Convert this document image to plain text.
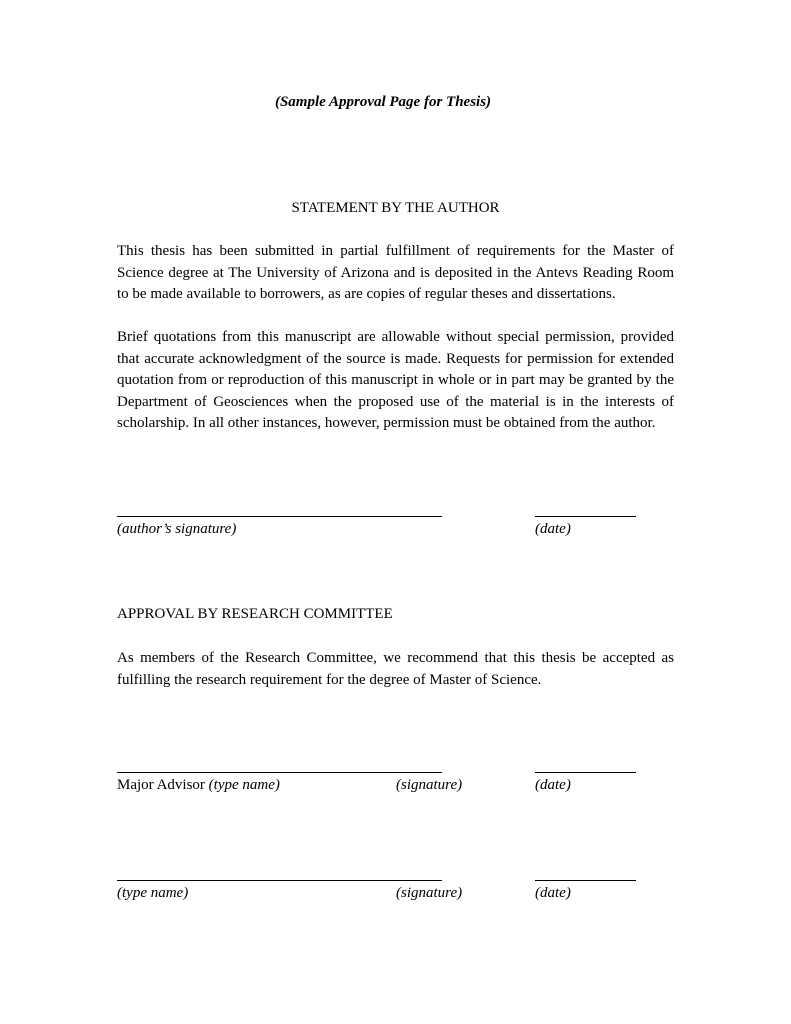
(Sample Approval Page for Thesis)
STATEMENT BY THE AUTHOR

This thesis has been submitted in partial fulfillment of requirements for the Master of Science degree at The University of Arizona and is deposited in the Antevs Reading Room to be made available to borrowers, as are copies of regular theses and dissertations.

Brief quotations from this manuscript are allowable without special permission, provided that accurate acknowledgment of the source is made. Requests for permission for extended quotation from or reproduction of this manuscript in whole or in part may be granted by the Department of Geosciences when the proposed use of the material is in the interests of scholarship. In all other instances, however, permission must be obtained from the author.

(author’s signature)	(date)
APPROVAL BY RESEARCH COMMITTEE

As members of the Research Committee, we recommend that this thesis be accepted as fulfilling the research requirement for the degree of Master of Science.

Major Advisor (type name)	(signature)	(date)
(type name)	(signature)	(date)
